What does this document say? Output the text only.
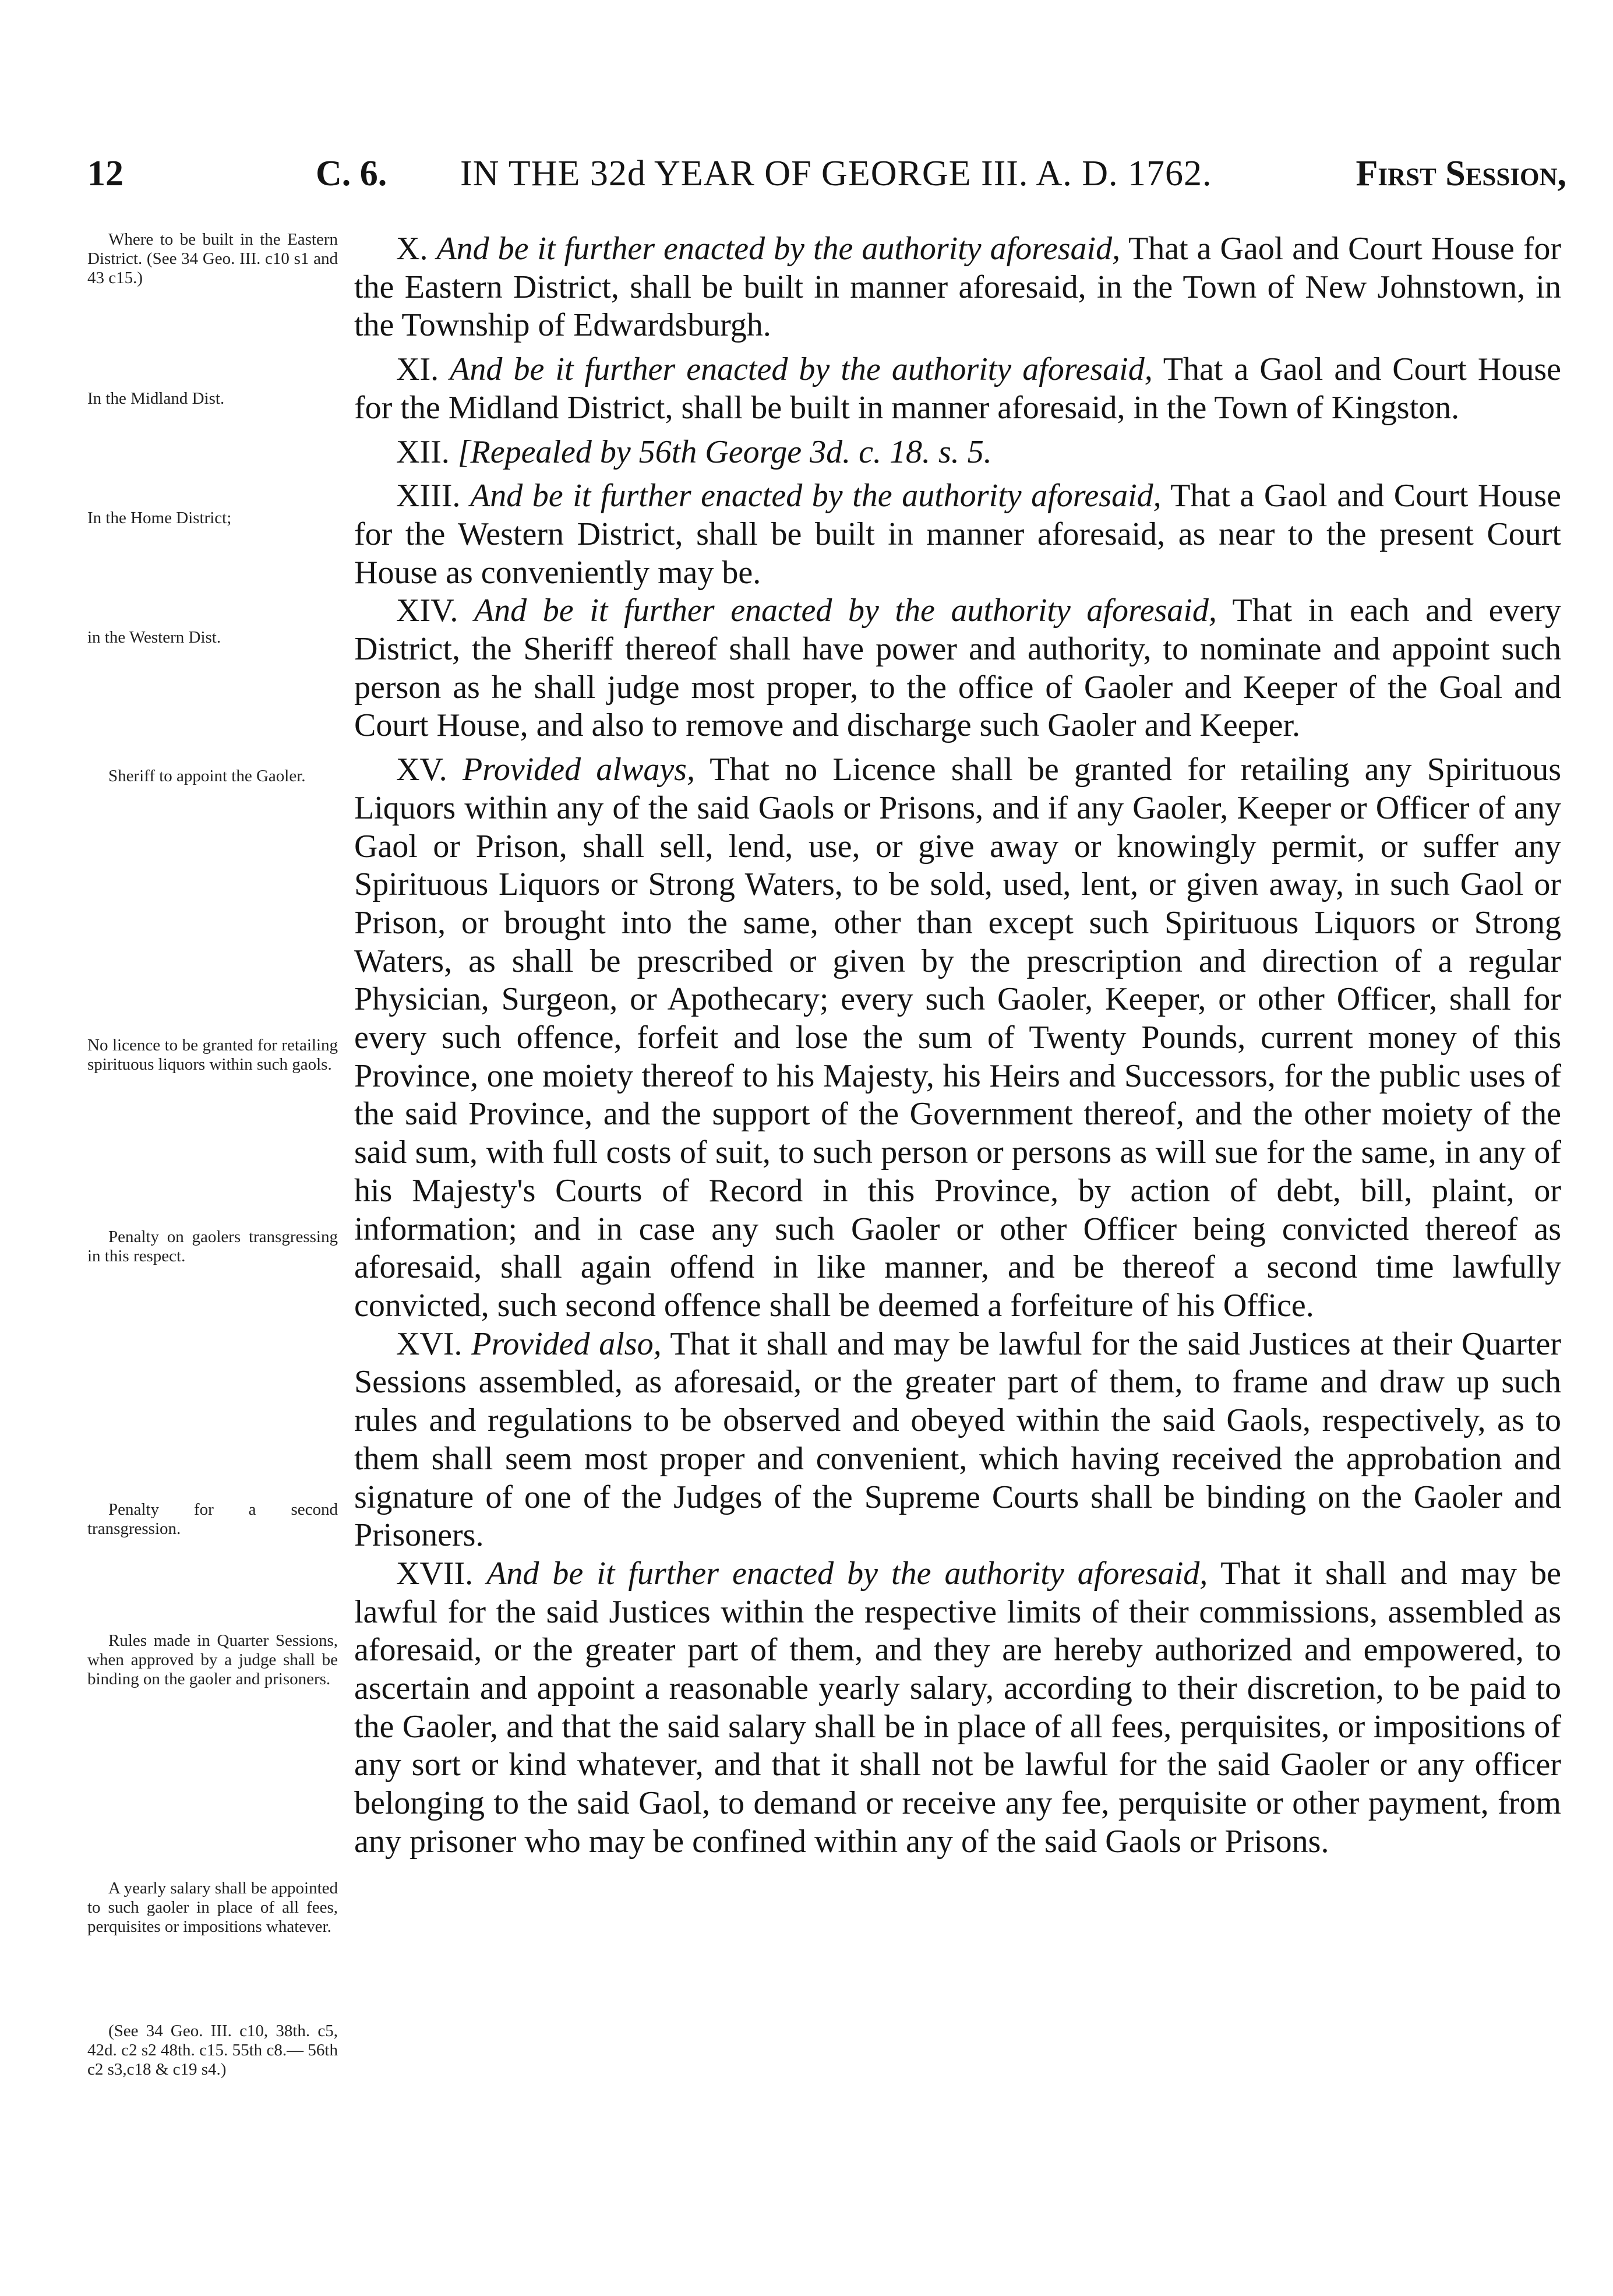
12	C. 6. IN THE 32d YEAR OF GEORGE III. A. D. 1762.	First Session,
Where to be built in the Eastern District. (See 34 Geo. III. c10 s1 and 43 c15.)
In the Midland Dist.
In the Home District;
in the Western Dist.
Sheriff to appoint the Gaoler.
No licence to be granted for retailing spirituous liquors within such gaols.
Penalty on gaolers transgressing in this respect.
Penalty for a second transgression.
Rules made in Quarter Sessions, when approved by a judge shall be binding on the gaoler and prisoners.
A yearly salary shall be appointed to such gaoler in place of all fees, perquisites or impositions whatever.
(See 34 Geo. III. c10, 38th. c5, 42d. c2 s2 48th. c15. 55th c8.— 56th c2 s3,c18 & c19 s4.)

X. And be it further enacted by the authority aforesaid, That a Gaol and Court House for the Eastern District, shall be built in manner aforesaid, in the Town of New Johnstown, in the Township of Edwardsburgh.

XI. And be it further enacted by the authority aforesaid, That a Gaol and Court House for the Midland District, shall be built in manner aforesaid, in the Town of Kingston.

XII. [Repealed by 56th George 3d. c. 18. s. 5.

XIII. And be it further enacted by the authority aforesaid, That a Gaol and Court House for the Western District, shall be built in manner aforesaid, as near to the present Court House as conveniently may be.

XIV. And be it further enacted by the authority aforesaid, That in each and every District, the Sheriff thereof shall have power and authority, to nominate and appoint such person as he shall judge most proper, to the office of Gaoler and Keeper of the Goal and Court House, and also to remove and discharge such Gaoler and Keeper.

XV. Provided always, That no Licence shall be granted for retailing any Spirituous Liquors within any of the said Gaols or Prisons, and if any Gaoler, Keeper or Officer of any Gaol or Prison, shall sell, lend, use, or give away or knowingly permit, or suffer any Spirituous Liquors or Strong Waters, to be sold, used, lent, or given away, in such Gaol or Prison, or brought into the same, other than except such Spirituous Liquors or Strong Waters, as shall be prescribed or given by the prescription and direction of a regular Physician, Surgeon, or Apothecary; every such Gaoler, Keeper, or other Officer, shall for every such offence, forfeit and lose the sum of Twenty Pounds, current money of this Province, one moiety thereof to his Majesty, his Heirs and Successors, for the public uses of the said Province, and the support of the Government thereof, and the other moiety of the said sum, with full costs of suit, to such person or persons as will sue for the same, in any of his Majesty's Courts of Record in this Province, by action of debt, bill, plaint, or information; and in case any such Gaoler or other Officer being convicted thereof as aforesaid, shall again offend in like manner, and be thereof a second time lawfully convicted, such second offence shall be deemed a forfeiture of his Office.

XVI. Provided also, That it shall and may be lawful for the said Justices at their Quarter Sessions assembled, as aforesaid, or the greater part of them, to frame and draw up such rules and regulations to be observed and obeyed within the said Gaols, respectively, as to them shall seem most proper and convenient, which having received the approbation and signature of one of the Judges of the Supreme Courts shall be binding on the Gaoler and Prisoners.

XVII. And be it further enacted by the authority aforesaid, That it shall and may be lawful for the said Justices within the respective limits of their commissions, assembled as aforesaid, or the greater part of them, and they are hereby authorized and empowered, to ascertain and appoint a reasonable yearly salary, according to their discretion, to be paid to the Gaoler, and that the said salary shall be in place of all fees, perquisites, or impositions of any sort or kind whatever, and that it shall not be lawful for the said Gaoler or any officer belonging to the said Gaol, to demand or receive any fee, perquisite or other payment, from any prisoner who may be confined within any of the said Gaols or Prisons.
